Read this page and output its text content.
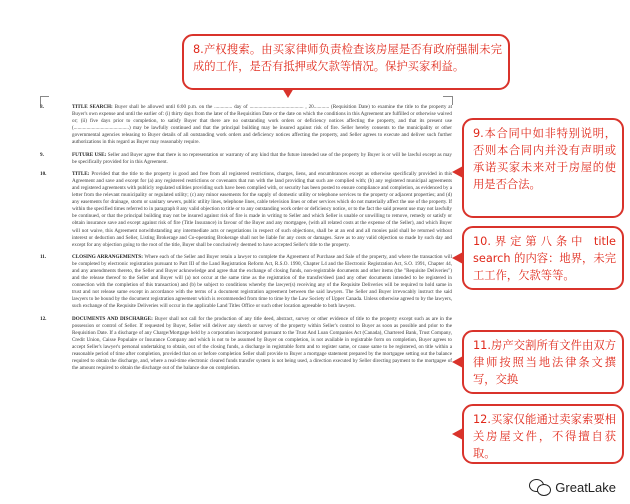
8.	TITLE SEARCH: Buyer shall be allowed until 6:00 p.m. on the .............. day of .......................................... , 20............ (Requisition Date) to examine the title to the property at Buyer's own expense and until the earlier of: (i) thirty days from the later of the Requisition Date or the date on which the conditions in this Agreement are fulfilled or otherwise waived or; (ii) five days prior to completion, to satisfy Buyer that there are no outstanding work orders or deficiency notices affecting the property, and that its present use (...........................................) may be lawfully continued and that the principal building may be insured against risk of fire. Seller hereby consents to the municipality or other governmental agencies releasing to Buyer details of all outstanding work orders and deficiency notices affecting the property, and Seller agrees to execute and deliver such further authorizations in this regard as Buyer may reasonably require.
9.	FUTURE USE: Seller and Buyer agree that there is no representation or warranty of any kind that the future intended use of the property by Buyer is or will be lawful except as may be specifically provided for in this Agreement.
10.	TITLE: Provided that the title to the property is good and free from all registered restrictions, charges, liens, and encumbrances except as otherwise specifically provided in this Agreement and save and except for (a) any registered restrictions or covenants that run with the land providing that such are complied with; (b) any registered municipal agreements and registered agreements with publicly regulated utilities providing such have been complied with, or security has been posted to ensure compliance and completion, as evidenced by a letter from the relevant municipality or regulated utility; (c) any minor easements for the supply of domestic utility or telephone services to the property or adjacent properties; and (d) any easements for drainage, storm or sanitary sewers, public utility lines, telephone lines, cable television lines or other services which do not materially affect the use of the property. If within the specified times referred to in paragraph 8 any valid objection to title or to any outstanding work order or deficiency notice, or to the fact the said present use may not lawfully be continued, or that the principal building may not be insured against risk of fire is made in writing to Seller and which Seller is unable or unwilling to remove, remedy or satisfy or obtain insurance save and except against risk of fire (Title Insurance) in favour of the Buyer and any mortgagee, (with all related costs at the expense of the Seller), and which Buyer will not waive, this Agreement notwithstanding any intermediate acts or negotiations in respect of such objections, shall be at an end and all monies paid shall be returned without interest or deduction and Seller, Listing Brokerage and Co-operating Brokerage shall not be liable for any costs or damages. Save as to any valid objection so made by such day and except for any objection going to the root of the title, Buyer shall be conclusively deemed to have accepted Seller's title to the property.
11.	CLOSING ARRANGEMENTS: Where each of the Seller and Buyer retain a lawyer to complete the Agreement of Purchase and Sale of the property, and where the transaction will be completed by electronic registration pursuant to Part III of the Land Registration Reform Act, R.S.O. 1990, Chapter L4 and the Electronic Registration Act, S.O. 1991, Chapter 44, and any amendments thereto, the Seller and Buyer acknowledge and agree that the exchange of closing funds, non-registrable documents and other items (the "Requisite Deliveries") and the release thereof to the Seller and Buyer will (a) not occur at the same time as the registration of the transfer/deed (and any other documents intended to be registered in connection with the completion of this transaction) and (b) be subject to conditions whereby the lawyer(s) receiving any of the Requisite Deliveries will be required to hold same in trust and not release same except in accordance with the terms of a document registration agreement between the said lawyers. The Seller and Buyer irrevocably instruct the said lawyers to be bound by the document registration agreement which is recommended from time to time by the Law Society of Upper Canada. Unless otherwise agreed to by the lawyers, such exchange of the Requisite Deliveries will occur in the applicable Land Titles Office or such other location agreeable to both lawyers.
12.	DOCUMENTS AND DISCHARGE: Buyer shall not call for the production of any title deed, abstract, survey or other evidence of title to the property except such as are in the possession or control of Seller. If requested by Buyer, Seller will deliver any sketch or survey of the property within Seller's control to Buyer as soon as possible and prior to the Requisition Date. If a discharge of any Charge/Mortgage held by a corporation incorporated pursuant to the Trust And Loan Companies Act (Canada), Chartered Bank, Trust Company, Credit Union, Caisse Populaire or Insurance Company and which is not to be assumed by Buyer on completion, is not available in registrable form on completion, Buyer agrees to accept Seller's lawyer's personal undertaking to obtain, out of the closing funds, a discharge in registrable form and to register same, or cause same to be registered, on title within a reasonable period of time after completion, provided that on or before completion Seller shall provide to Buyer a mortgage statement prepared by the mortgagee setting out the balance required to obtain the discharge, and, where a real-time electronic cleared funds transfer system is not being used, a direction executed by Seller directing payment to the mortgagee of the amount required to obtain the discharge out of the balance due on completion.
8.产权搜索。由买家律师负责检查该房屋是否有政府强制未完成的工作，是否有抵押或欠款等情况。保护买家利益。
9.本合同中如非特别说明，否则本合同内并没有声明或承诺买家未来对于房屋的使用是否合法。
10.界定第八条中 title search 的内容：地界，未完工工作，欠款等等。
11.房产交割所有文件由双方律师按照当地法律条文撰写，交换
12.买家仅能通过卖家索要相关房屋文件，不得擅自获取。
GreatLake
